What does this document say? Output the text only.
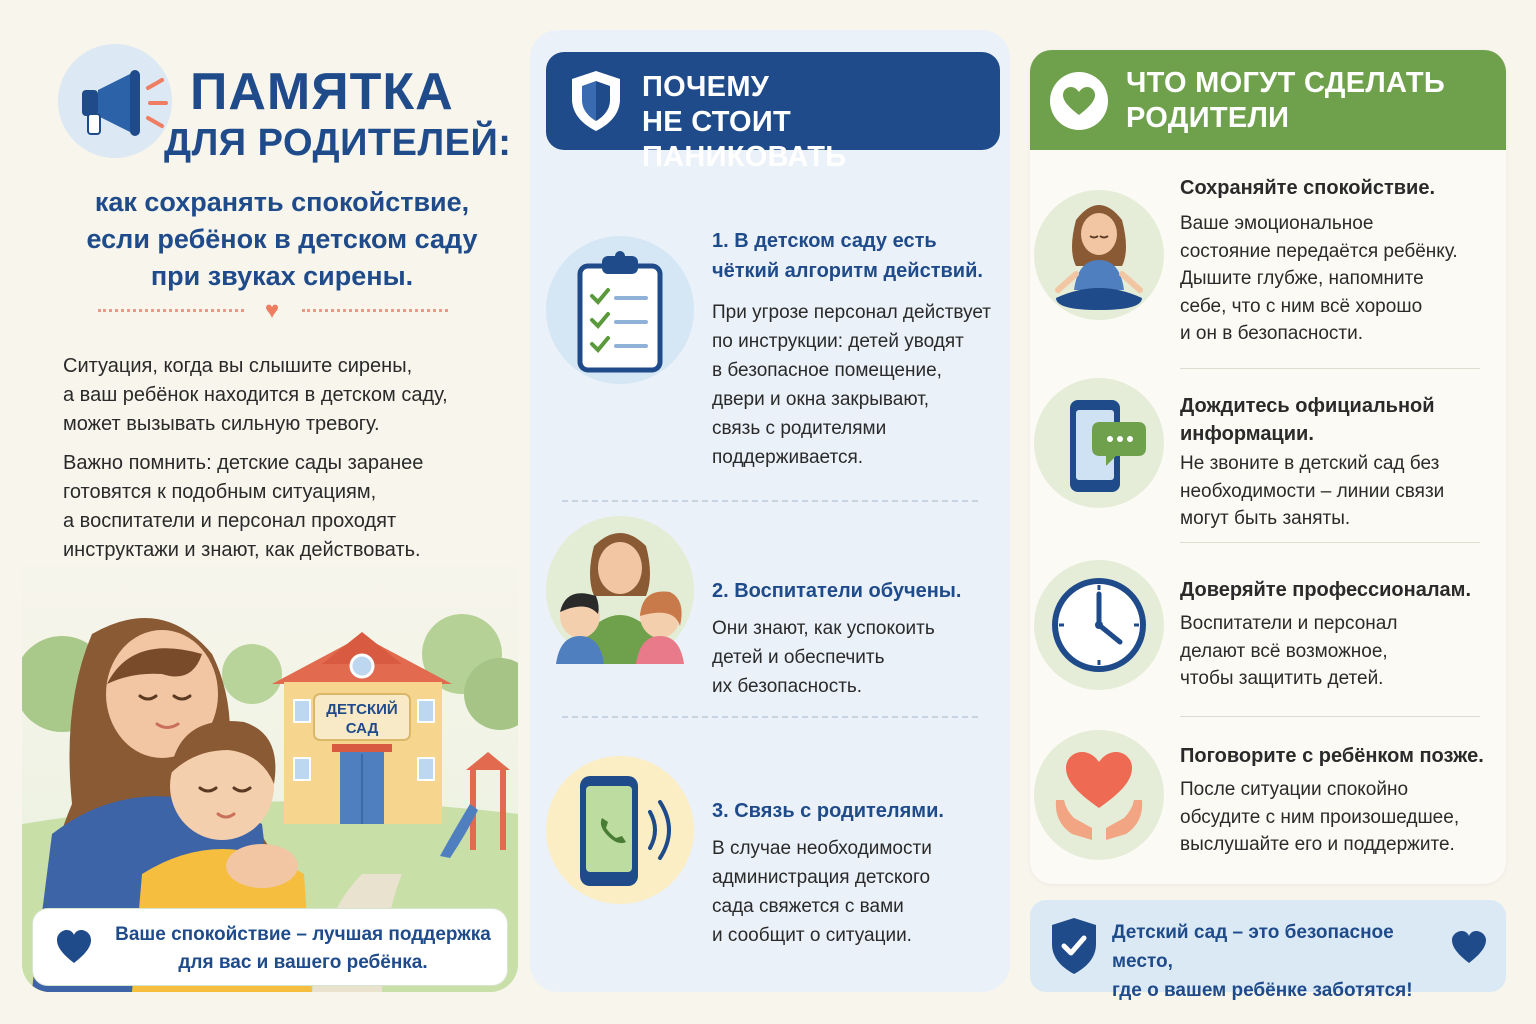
ПАМЯТКА
ДЛЯ РОДИТЕЛЕЙ:
как сохранять спокойствие,
если ребёнок в детском саду
при звуках сирены.
♥
Ситуация, когда вы слышите сирены,
а ваш ребёнок находится в детском саду,
может вызывать сильную тревогу.
Важно помнить: детские сады заранее
готовятся к подобным ситуациям,
а воспитатели и персонал проходят
инструктажи и знают, как действовать.
ДЕТСКИЙ
САД
Ваше спокойствие – лучшая поддержка
для вас и вашего ребёнка.
ПОЧЕМУ
НЕ СТОИТ ПАНИКОВАТЬ
1. В детском саду есть
чёткий алгоритм действий.
При угрозе персонал действует
по инструкции: детей уводят
в безопасное помещение,
двери и окна закрывают,
связь с родителями
поддерживается.
2. Воспитатели обучены.
Они знают, как успокоить
детей и обеспечить
их безопасность.
3. Связь с родителями.
В случае необходимости
администрация детского
сада свяжется с вами
и сообщит о ситуации.
ЧТО МОГУТ СДЕЛАТЬ
РОДИТЕЛИ
Сохраняйте спокойствие.
Ваше эмоциональное
состояние передаётся ребёнку.
Дышите глубже, напомните
себе, что с ним всё хорошо
и он в безопасности.
Дождитесь официальной
информации.
Не звоните в детский сад без
необходимости – линии связи
могут быть заняты.
Доверяйте профессионалам.
Воспитатели и персонал
делают всё возможное,
чтобы защитить детей.
Поговорите с ребёнком позже.
После ситуации спокойно
обсудите с ним произошедшее,
выслушайте его и поддержите.
Детский сад – это безопасное место,
где о вашем ребёнке заботятся!
